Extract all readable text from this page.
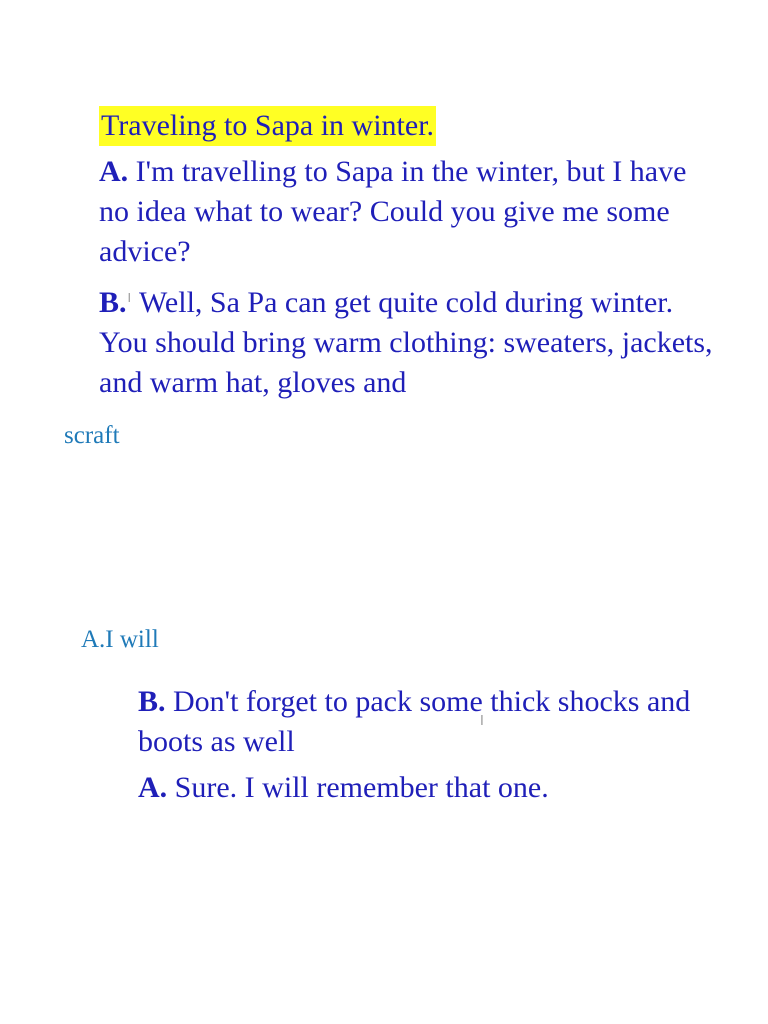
Traveling to Sapa in winter.
A. I'm travelling to Sapa in the winter, but I have no idea what to wear? Could you give me some advice?
B.$^I$ Well, Sa Pa can get quite cold during winter. You should bring warm clothing: sweaters, jackets, and warm hat, gloves and
scraft
A.I will
B. Don't forget to pack some thick shocks and boots as well
A. Sure. I will remember that one.
I
